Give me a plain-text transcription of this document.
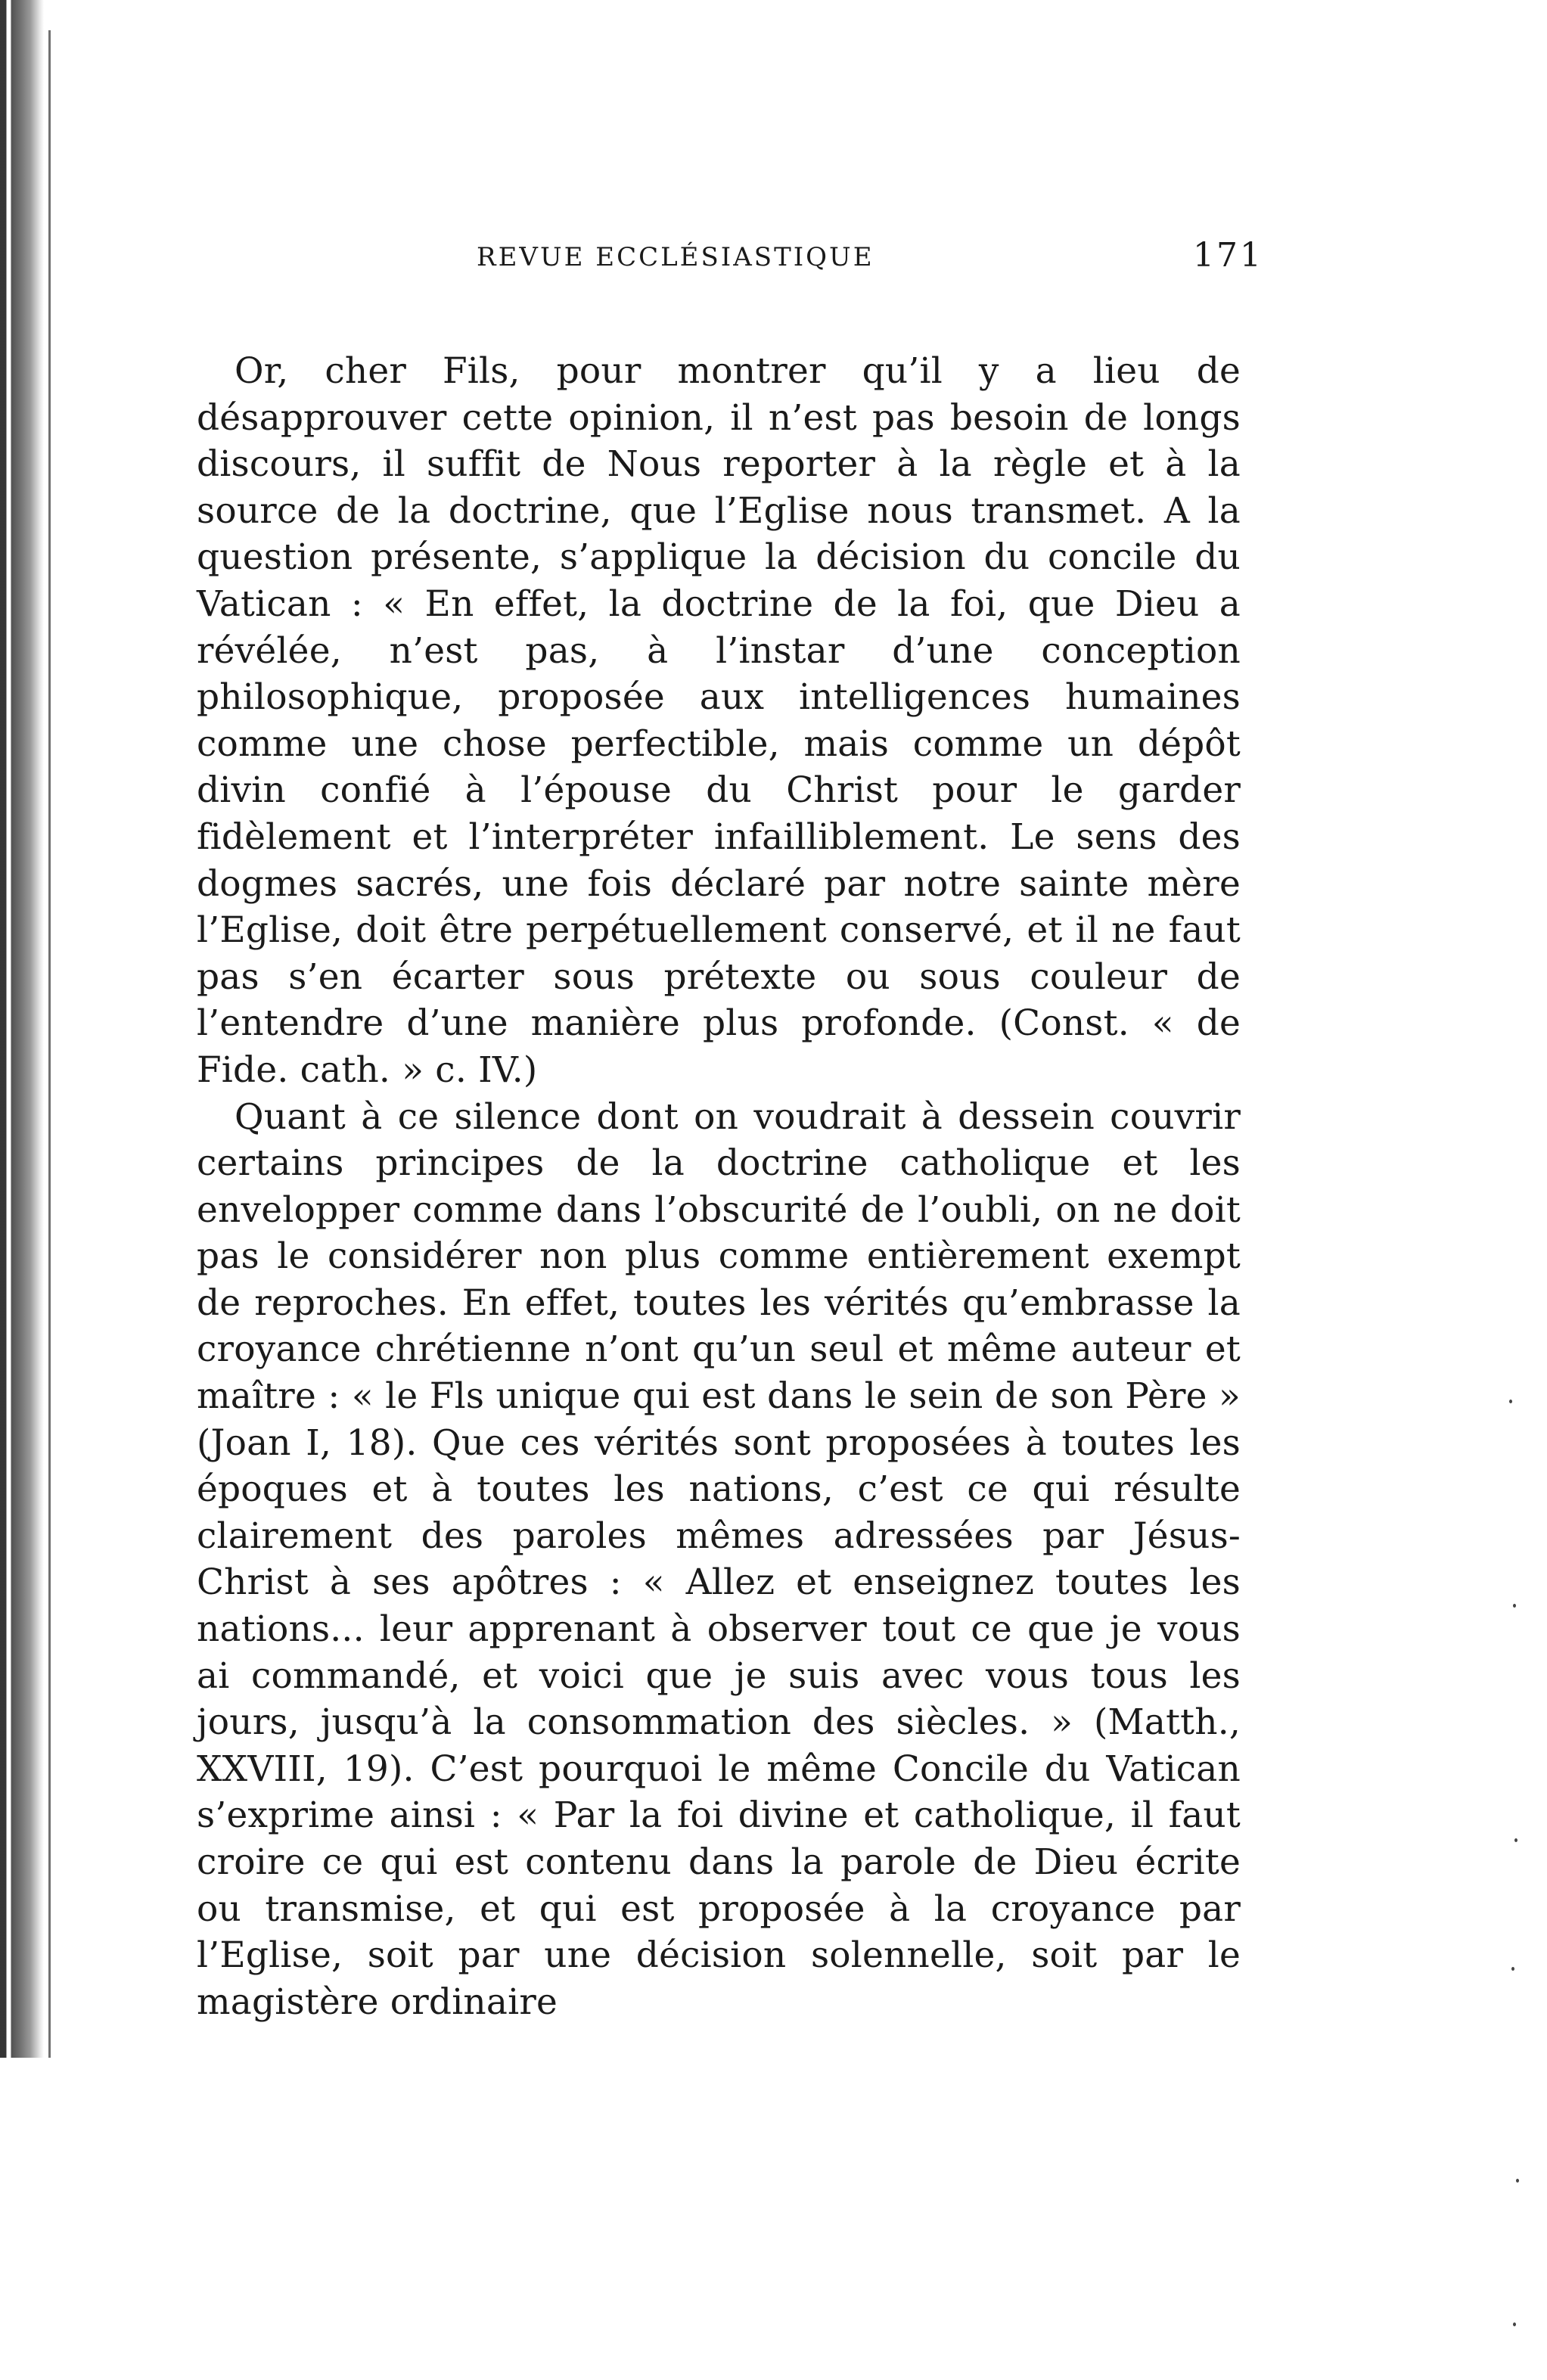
REVUE ECCLÉSIASTIQUE	171

Or, cher Fils, pour montrer qu’il y a lieu de désapprouver cette opinion, il n’est pas besoin de longs discours, il suffit de Nous reporter à la règle et à la source de la doctrine, que l’Eglise nous transmet. A la question présente, s’applique la décision du concile du Vatican : « En effet, la doctrine de la foi, que Dieu a révélée, n’est pas, à l’instar d’une conception philosophique, proposée aux intelligences humaines comme une chose perfectible, mais comme un dépôt divin confié à l’épouse du Christ pour le garder fidèlement et l’interpréter infailliblement. Le sens des dogmes sacrés, une fois déclaré par notre sainte mère l’Eglise, doit être perpétuellement conservé, et il ne faut pas s’en écarter sous prétexte ou sous couleur de l’entendre d’une manière plus profonde. (Const. « de Fide. cath. » c. IV.)

Quant à ce silence dont on voudrait à dessein couvrir certains principes de la doctrine catholique et les envelopper comme dans l’obscurité de l’oubli, on ne doit pas le considérer non plus comme entièrement exempt de reproches. En effet, toutes les vérités qu’embrasse la croyance chrétienne n’ont qu’un seul et même auteur et maître : « le Fls unique qui est dans le sein de son Père » (Joan I, 18). Que ces vérités sont proposées à toutes les époques et à toutes les nations, c’est ce qui résulte clairement des paroles mêmes adressées par Jésus-Christ à ses apôtres : « Allez et enseignez toutes les nations... leur apprenant à observer tout ce que je vous ai commandé, et voici que je suis avec vous tous les jours, jusqu’à la consommation des siècles. » (Matth., XXVIII, 19). C’est pourquoi le même Concile du Vatican s’exprime ainsi : « Par la foi divine et catholique, il faut croire ce qui est contenu dans la parole de Dieu écrite ou transmise, et qui est proposée à la croyance par l’Eglise, soit par une décision solennelle, soit par le magistère ordinaire
